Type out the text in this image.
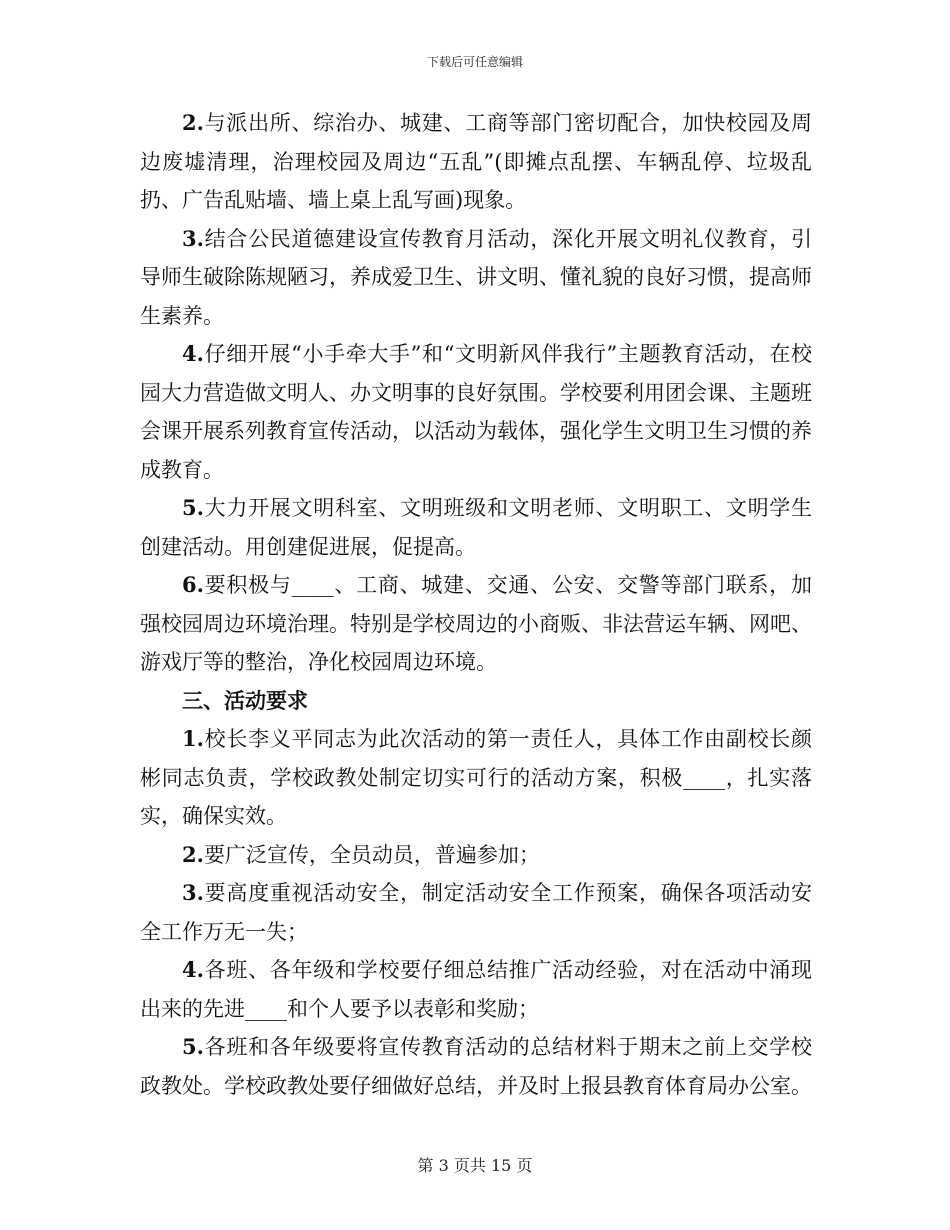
下载后可任意编辑

2.与派出所、综治办、城建、工商等部门密切配合，加快校园及周边废墟清理，治理校园及周边“五乱”(即摊点乱摆、车辆乱停、垃圾乱扔、广告乱贴墙、墙上桌上乱写画)现象。

3.结合公民道德建设宣传教育月活动，深化开展文明礼仪教育，引导师生破除陈规陋习，养成爱卫生、讲文明、懂礼貌的良好习惯，提高师生素养。

4.仔细开展“小手牵大手”和“文明新风伴我行”主题教育活动，在校园大力营造做文明人、办文明事的良好氛围。学校要利用团会课、主题班会课开展系列教育宣传活动，以活动为载体，强化学生文明卫生习惯的养成教育。

5.大力开展文明科室、文明班级和文明老师、文明职工、文明学生创建活动。用创建促进展，促提高。

6.要积极与____、工商、城建、交通、公安、交警等部门联系，加强校园周边环境治理。特别是学校周边的小商贩、非法营运车辆、网吧、游戏厅等的整治，净化校园周边环境。

三、活动要求

1.校长李义平同志为此次活动的第一责任人，具体工作由副校长颜彬同志负责，学校政教处制定切实可行的活动方案，积极____，扎实落实，确保实效。

2.要广泛宣传，全员动员，普遍参加；

3.要高度重视活动安全，制定活动安全工作预案，确保各项活动安全工作万无一失；

4.各班、各年级和学校要仔细总结推广活动经验，对在活动中涌现出来的先进____和个人要予以表彰和奖励；

5.各班和各年级要将宣传教育活动的总结材料于期末之前上交学校政教处。学校政教处要仔细做好总结，并及时上报县教育体育局办公室。

第 3 页共 15 页
